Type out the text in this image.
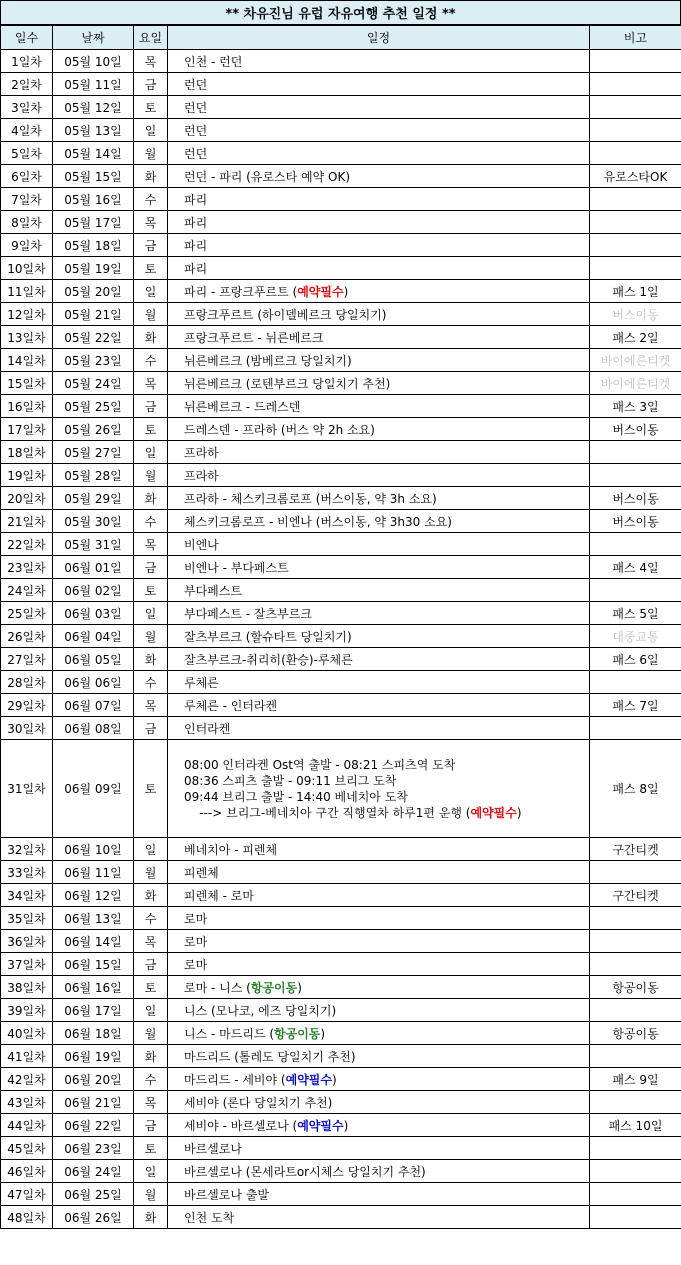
** 차유진님 유럽 자유여행 추천 일정 **
일수	날짜	요일	일정	비고
1일차	05월 10일	목	인천 - 런던	
2일차	05월 11일	금	런던	
3일차	05월 12일	토	런던	
4일차	05월 13일	일	런던	
5일차	05월 14일	월	런던	
6일차	05월 15일	화	런던 - 파리 (유로스타 예약 OK)	유로스타OK
7일차	05월 16일	수	파리	
8일차	05월 17일	목	파리	
9일차	05월 18일	금	파리	
10일차	05월 19일	토	파리	
11일차	05월 20일	일	파리 - 프랑크푸르트 (예약필수)	패스 1일
12일차	05월 21일	월	프랑크푸르트 (하이델베르크 당일치기)	버스이동
13일차	05월 22일	화	프랑크푸르트 - 뉘른베르크	패스 2일
14일차	05월 23일	수	뉘른베르크 (밤베르크 당일치기)	바이에른티켓
15일차	05월 24일	목	뉘른베르크 (로텐부르크 당일치기 추천)	바이에른티켓
16일차	05월 25일	금	뉘른베르크 - 드레스덴	패스 3일
17일차	05월 26일	토	드레스덴 - 프라하 (버스 약 2h 소요)	버스이동
18일차	05월 27일	일	프라하	
19일차	05월 28일	월	프라하	
20일차	05월 29일	화	프라하 - 체스키크롬로프 (버스이동, 약 3h 소요)	버스이동
21일차	05월 30일	수	체스키크롬로프 - 비엔나 (버스이동, 약 3h30 소요)	버스이동
22일차	05월 31일	목	비엔나	
23일차	06월 01일	금	비엔나 - 부다페스트	패스 4일
24일차	06월 02일	토	부다페스트	
25일차	06월 03일	일	부다페스트 - 잘츠부르크	패스 5일
26일차	06월 04일	월	잘츠부르크 (할슈타트 당일치기)	대중교통
27일차	06월 05일	화	잘츠부르크-취리히(환승)-루체른	패스 6일
28일차	06월 06일	수	루체른	
29일차	06월 07일	목	루체른 - 인터라켄	패스 7일
30일차	06월 08일	금	인터라켄	
31일차	06월 09일	토	08:00 인터라켄 Ost역 출발 - 08:21 스피츠역 도착
08:36 스피츠 출발 - 09:11 브리그 도착
09:44 브리그 출발 - 14:40 베네치아 도착
---> 브리그-베네치아 구간 직행열차 하루1편 운행 (예약필수)	패스 8일
32일차	06월 10일	일	베네치아 - 피렌체	구간티켓
33일차	06월 11일	월	피렌체	
34일차	06월 12일	화	피렌체 - 로마	구간티켓
35일차	06월 13일	수	로마	
36일차	06월 14일	목	로마	
37일차	06월 15일	금	로마	
38일차	06월 16일	토	로마 - 니스 (항공이동)	항공이동
39일차	06월 17일	일	니스 (모나코, 에즈 당일치기)	
40일차	06월 18일	월	니스 - 마드리드 (항공이동)	항공이동
41일차	06월 19일	화	마드리드 (톨레도 당일치기 추천)	
42일차	06월 20일	수	마드리드 - 세비야 (예약필수)	패스 9일
43일차	06월 21일	목	세비야 (론다 당일치기 추천)	
44일차	06월 22일	금	세비야 - 바르셀로나 (예약필수)	패스 10일
45일차	06월 23일	토	바르셀로나	
46일차	06월 24일	일	바르셀로나 (몬세라트or시체스 당일치기 추천)	
47일차	06월 25일	월	바르셀로나 출발	
48일차	06월 26일	화	인천 도착	
